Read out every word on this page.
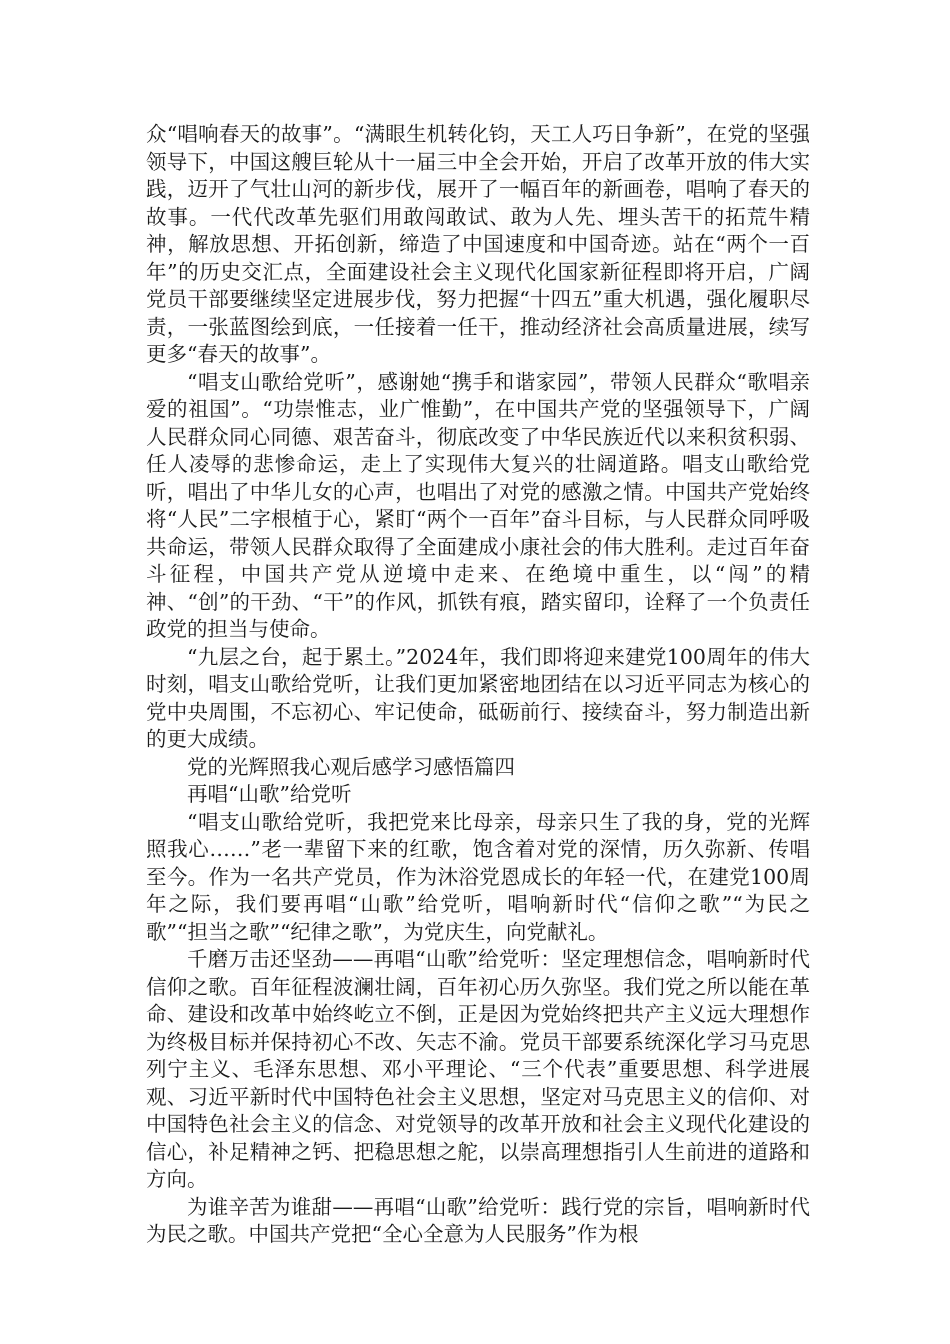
众“唱响春天的故事”。“满眼生机转化钧，天工人巧日争新”，在党的坚强领导下，中国这艘巨轮从十一届三中全会开始，开启了改革开放的伟大实践，迈开了气壮山河的新步伐，展开了一幅百年的新画卷，唱响了春天的故事。一代代改革先驱们用敢闯敢试、敢为人先、埋头苦干的拓荒牛精神，解放思想、开拓创新，缔造了中国速度和中国奇迹。站在“两个一百年”的历史交汇点，全面建设社会主义现代化国家新征程即将开启，广阔党员干部要继续坚定进展步伐，努力把握“十四五”重大机遇，强化履职尽责，一张蓝图绘到底，一任接着一任干，推动经济社会高质量进展，续写更多“春天的故事”。

“唱支山歌给党听”，感谢她“携手和谐家园”，带领人民群众“歌唱亲爱的祖国”。“功崇惟志，业广惟勤”，在中国共产党的坚强领导下，广阔人民群众同心同德、艰苦奋斗，彻底改变了中华民族近代以来积贫积弱、任人凌辱的悲惨命运，走上了实现伟大复兴的壮阔道路。唱支山歌给党听，唱出了中华儿女的心声，也唱出了对党的感激之情。中国共产党始终将“人民”二字根植于心，紧盯“两个一百年”奋斗目标，与人民群众同呼吸共命运，带领人民群众取得了全面建成小康社会的伟大胜利。走过百年奋斗征程，中国共产党从逆境中走来、在绝境中重生，以“闯”的精神、“创”的干劲、“干”的作风，抓铁有痕，踏实留印，诠释了一个负责任政党的担当与使命。

“九层之台，起于累土。”2024年，我们即将迎来建党100周年的伟大时刻，唱支山歌给党听，让我们更加紧密地团结在以习近平同志为核心的党中央周围，不忘初心、牢记使命，砥砺前行、接续奋斗，努力制造出新的更大成绩。

党的光辉照我心观后感学习感悟篇四

再唱“山歌”给党听

“唱支山歌给党听，我把党来比母亲，母亲只生了我的身，党的光辉照我心……”老一辈留下来的红歌，饱含着对党的深情，历久弥新、传唱至今。作为一名共产党员，作为沐浴党恩成长的年轻一代，在建党100周年之际，我们要再唱“山歌”给党听，唱响新时代“信仰之歌”“为民之歌”“担当之歌”“纪律之歌”，为党庆生，向党献礼。

千磨万击还坚劲——再唱“山歌”给党听：坚定理想信念，唱响新时代信仰之歌。百年征程波澜壮阔，百年初心历久弥坚。我们党之所以能在革命、建设和改革中始终屹立不倒，正是因为党始终把共产主义远大理想作为终极目标并保持初心不改、矢志不渝。党员干部要系统深化学习马克思列宁主义、毛泽东思想、邓小平理论、“三个代表”重要思想、科学进展观、习近平新时代中国特色社会主义思想，坚定对马克思主义的信仰、对中国特色社会主义的信念、对党领导的改革开放和社会主义现代化建设的信心，补足精神之钙、把稳思想之舵，以崇高理想指引人生前进的道路和方向。

为谁辛苦为谁甜——再唱“山歌”给党听：践行党的宗旨，唱响新时代为民之歌。中国共产党把“全心全意为人民服务”作为根
